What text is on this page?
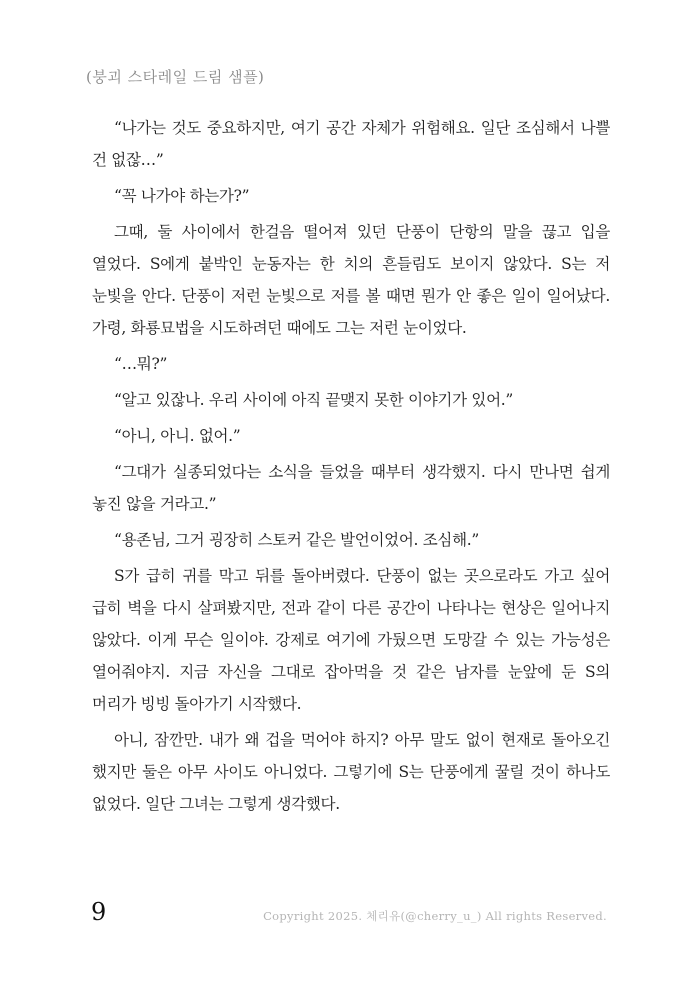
(붕괴 스타레일 드림 샘플)

“나가는 것도 중요하지만, 여기 공간 자체가 위험해요. 일단 조심해서 나쁠 건 없잖…”

“꼭 나가야 하는가?”

그때, 둘 사이에서 한걸음 떨어져 있던 단풍이 단항의 말을 끊고 입을 열었다. S에게 붙박인 눈동자는 한 치의 흔들림도 보이지 않았다. S는 저 눈빛을 안다. 단풍이 저런 눈빛으로 저를 볼 때면 뭔가 안 좋은 일이 일어났다. 가령, 화룡묘법을 시도하려던 때에도 그는 저런 눈이었다.

“…뭐?”

“알고 있잖나. 우리 사이에 아직 끝맺지 못한 이야기가 있어.”

“아니, 아니. 없어.”

“그대가 실종되었다는 소식을 들었을 때부터 생각했지. 다시 만나면 쉽게 놓진 않을 거라고.”

“용존님, 그거 굉장히 스토커 같은 발언이었어. 조심해.”

S가 급히 귀를 막고 뒤를 돌아버렸다. 단풍이 없는 곳으로라도 가고 싶어 급히 벽을 다시 살펴봤지만, 전과 같이 다른 공간이 나타나는 현상은 일어나지 않았다. 이게 무슨 일이야. 강제로 여기에 가뒀으면 도망갈 수 있는 가능성은 열어줘야지. 지금 자신을 그대로 잡아먹을 것 같은 남자를 눈앞에 둔 S의 머리가 빙빙 돌아가기 시작했다.

아니, 잠깐만. 내가 왜 겁을 먹어야 하지? 아무 말도 없이 현재로 돌아오긴 했지만 둘은 아무 사이도 아니었다. 그렇기에 S는 단풍에게 꿀릴 것이 하나도 없었다. 일단 그녀는 그렇게 생각했다.

9	Copyright 2025. 체리유(@cherry_u_) All rights Reserved.
